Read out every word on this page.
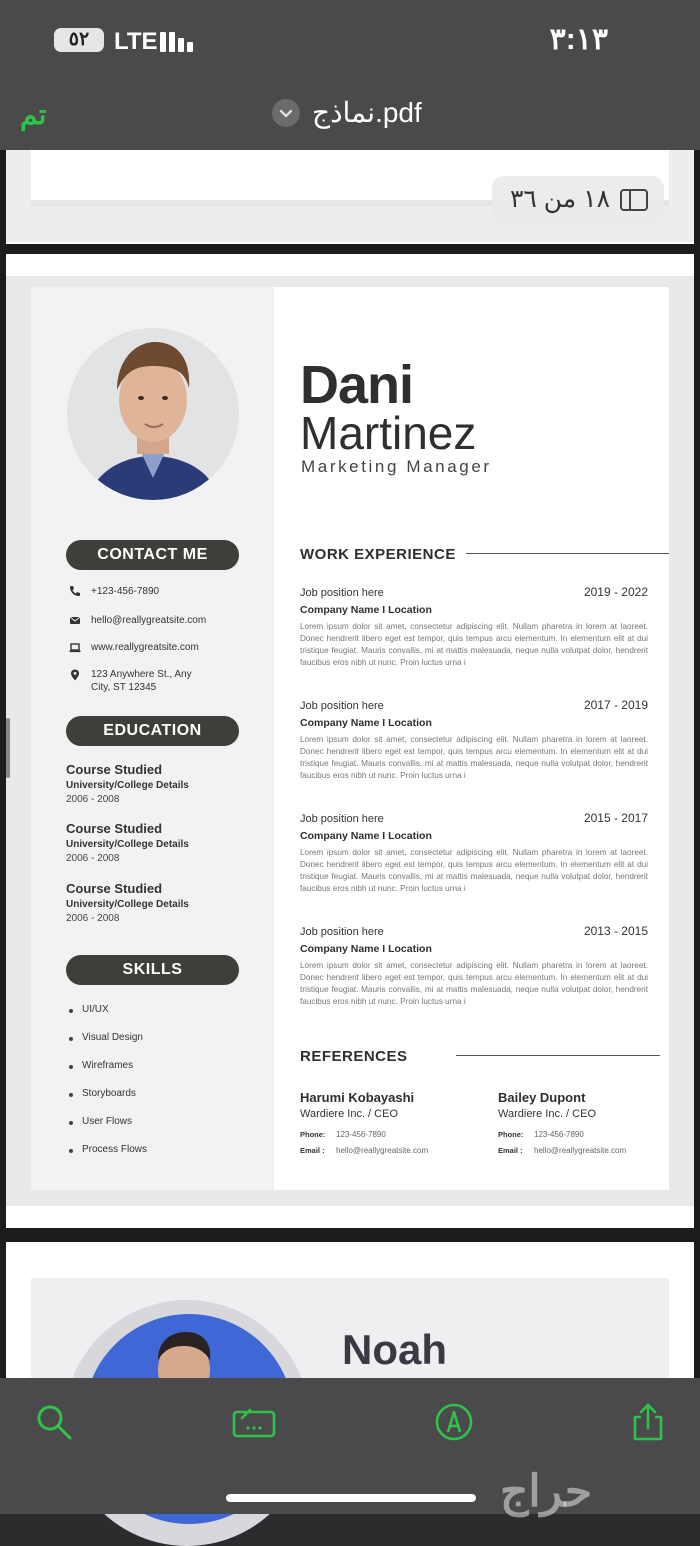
٥٢	LTE	٣:١٣
تم	نماذج.pdf
١٨ من ٣٦
Dani
Martinez
Marketing Manager
CONTACT ME
+123-456-7890
hello@reallygreatsite.com
www.reallygreatsite.com
123 Anywhere St., Any City, ST 12345
EDUCATION
Course Studied
University/College Details
2006 - 2008
Course Studied
University/College Details
2006 - 2008
Course Studied
University/College Details
2006 - 2008
SKILLS
UI/UX
Visual Design
Wireframes
Storyboards
User Flows
Process Flows
WORK EXPERIENCE
Job position here	2019 - 2022
Company Name I Location
Lorem ipsum dolor sit amet, consectetur adipiscing elit. Nullam pharetra in lorem at laoreet. Donec hendrerit libero eget est tempor, quis tempus arcu elementum. In elementum elit at dui tristique feugiat. Mauris convallis, mi at mattis malesuada, neque nulla volutpat dolor, hendrerit faucibus eros nibh ut nunc. Proin luctus urna i
Job position here	2017 - 2019
Company Name I Location
Lorem ipsum dolor sit amet, consectetur adipiscing elit. Nullam pharetra in lorem at laoreet. Donec hendrerit libero eget est tempor, quis tempus arcu elementum. In elementum elit at dui tristique feugiat. Mauris convallis, mi at mattis malesuada, neque nulla volutpat dolor, hendrerit faucibus eros nibh ut nunc. Proin luctus urna i
Job position here	2015 - 2017
Company Name I Location
Lorem ipsum dolor sit amet, consectetur adipiscing elit. Nullam pharetra in lorem at laoreet. Donec hendrerit libero eget est tempor, quis tempus arcu elementum. In elementum elit at dui tristique feugiat. Mauris convallis, mi at mattis malesuada, neque nulla volutpat dolor, hendrerit faucibus eros nibh ut nunc. Proin luctus urna i
Job position here	2013 - 2015
Company Name I Location
Lorem ipsum dolor sit amet, consectetur adipiscing elit. Nullam pharetra in lorem at laoreet. Donec hendrerit libero eget est tempor, quis tempus arcu elementum. In elementum elit at dui tristique feugiat. Mauris convallis, mi at mattis malesuada, neque nulla volutpat dolor, hendrerit faucibus eros nibh ut nunc. Proin luctus urna i
REFERENCES
Harumi Kobayashi
Wardiere Inc. / CEO
Phone: 123-456-7890
Email : hello@reallygreatsite.com
Bailey Dupont
Wardiere Inc. / CEO
Phone: 123-456-7890
Email : hello@reallygreatsite.com
Noah
حراج
